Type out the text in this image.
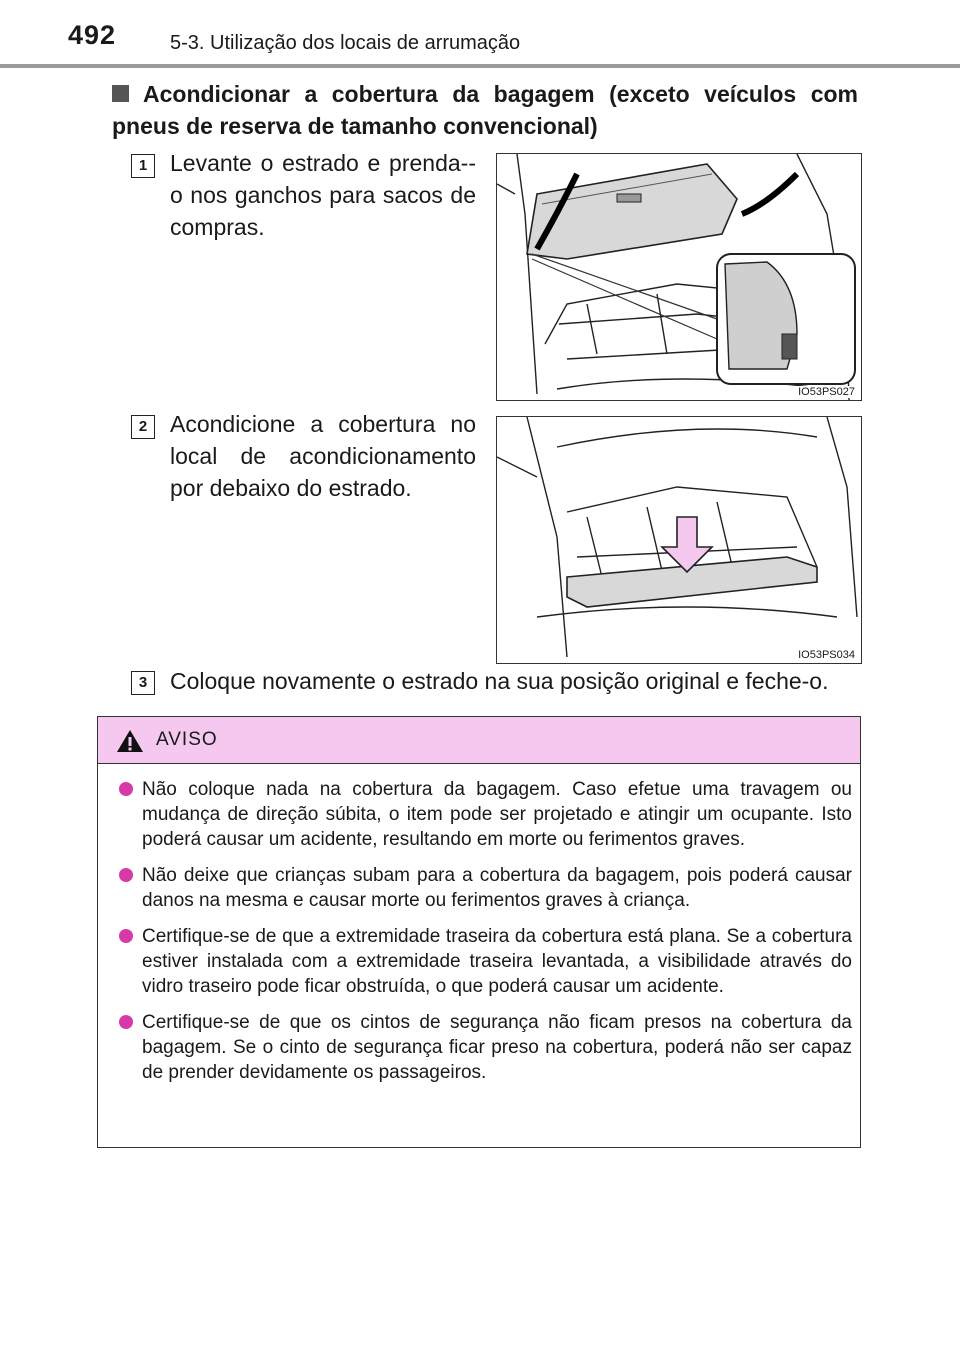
492	5-3. Utilização dos locais de arrumação
Acondicionar a cobertura da bagagem (exceto veículos com pneus de reserva de tamanho convencional)
1 Levante o estrado e prenda--o nos ganchos para sacos de compras.
IO53PS027
2 Acondicione a cobertura no local de acondicionamento por debaixo do estrado.
IO53PS034
3 Coloque novamente o estrado na sua posição original e feche-o.
AVISO
Não coloque nada na cobertura da bagagem. Caso efetue uma travagem ou mudança de direção súbita, o item pode ser projetado e atingir um ocupante. Isto poderá causar um acidente, resultando em morte ou ferimentos graves.
Não deixe que crianças subam para a cobertura da bagagem, pois poderá causar danos na mesma e causar morte ou ferimentos graves à criança.
Certifique-se de que a extremidade traseira da cobertura está plana. Se a cobertura estiver instalada com a extremidade traseira levantada, a visibilidade através do vidro traseiro pode ficar obstruída, o que poderá causar um acidente.
Certifique-se de que os cintos de segurança não ficam presos na cobertura da bagagem. Se o cinto de segurança ficar preso na cobertura, poderá não ser capaz de prender devidamente os passageiros.
